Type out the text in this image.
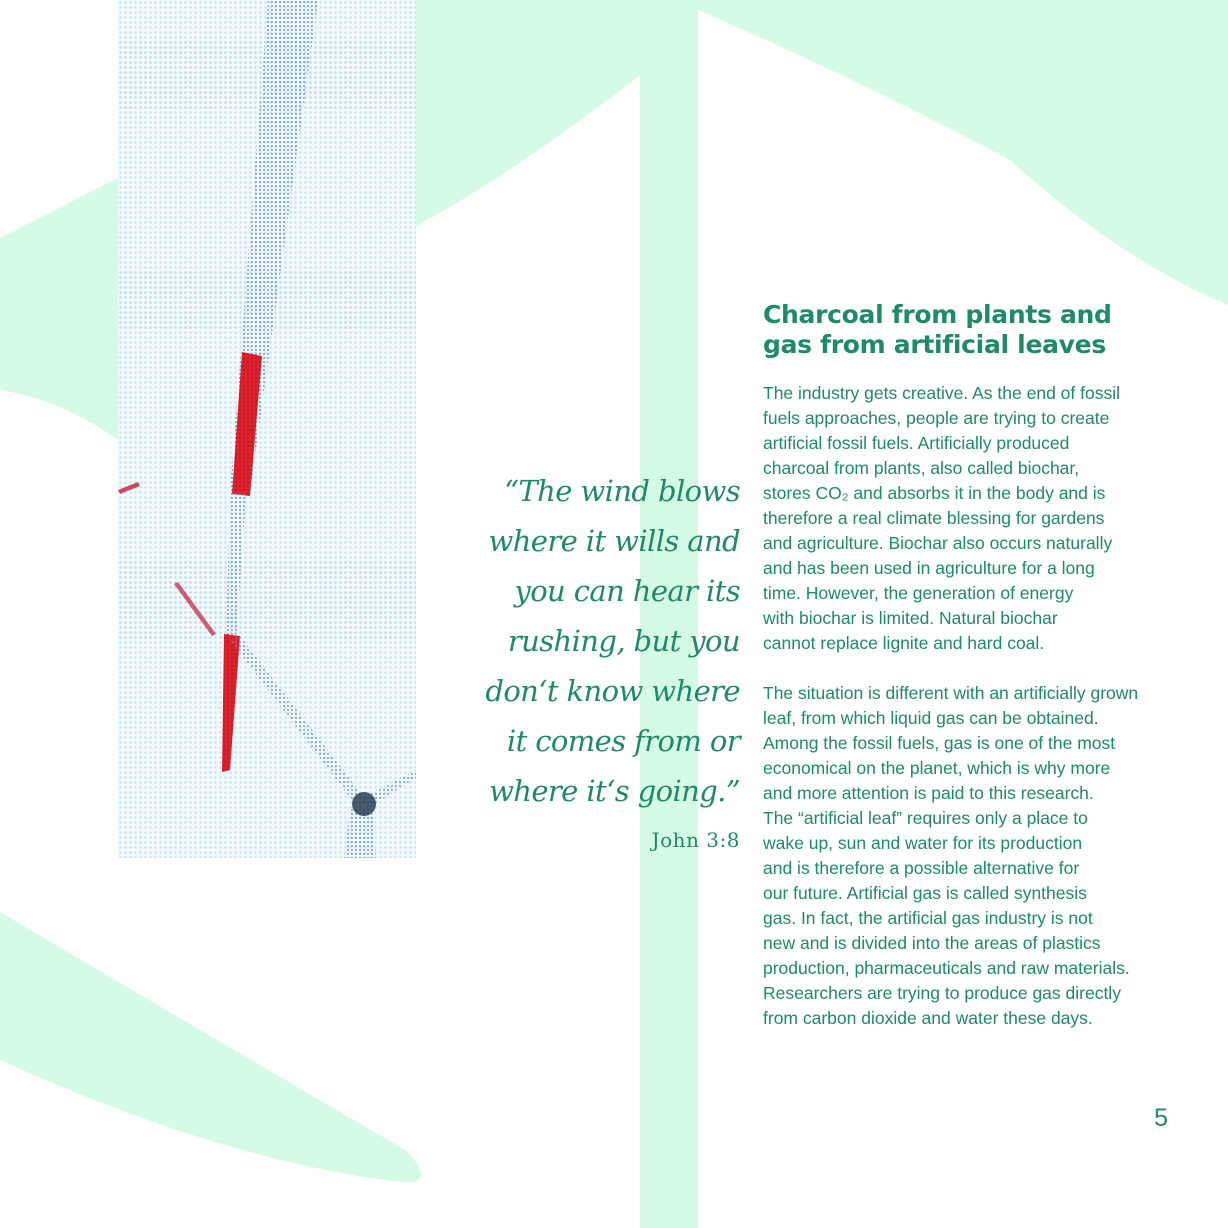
Charcoal from plants and
gas from artificial leaves

The industry gets creative. As the end of fossil
fuels approaches, people are trying to create
artificial fossil fuels. Artificially produced
charcoal from plants, also called biochar,
stores CO₂ and absorbs it in the body and is
therefore a real climate blessing for gardens
and agriculture. Biochar also occurs naturally
and has been used in agriculture for a long
time. However, the generation of energy
with biochar is limited. Natural biochar
cannot replace lignite and hard coal.

The situation is different with an artificially grown
leaf, from which liquid gas can be obtained.
Among the fossil fuels, gas is one of the most
economical on the planet, which is why more
and more attention is paid to this research.
The “artificial leaf” requires only a place to
wake up, sun and water for its production
and is therefore a possible alternative for
our future. Artificial gas is called synthesis
gas. In fact, the artificial gas industry is not
new and is divided into the areas of plastics
production, pharmaceuticals and raw materials.
Researchers are trying to produce gas directly
from carbon dioxide and water these days.

“The wind blows
where it wills and
you can hear its
rushing, but you
don‘t know where
it comes from or
where it‘s going.”

John 3:8

5
